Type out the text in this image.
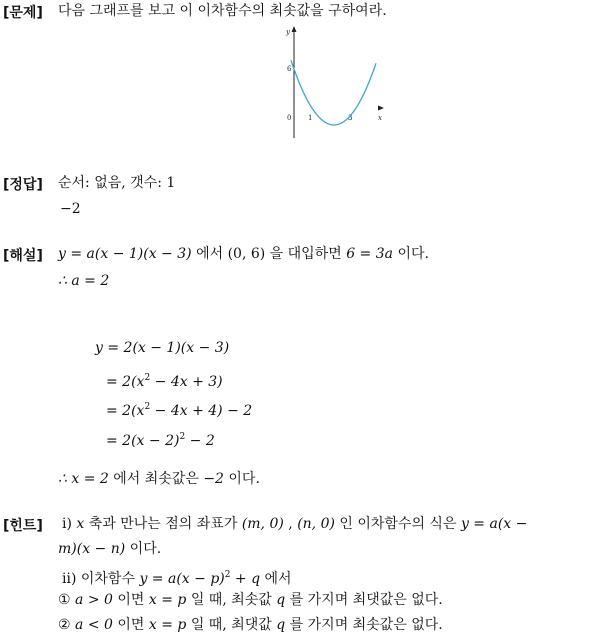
[문제] 다음 그래프를 보고 이 이차함수의 최솟값을 구하여라.
y
x
0
6
1	3
[정답] 순서: 없음, 갯수: 1
−2
[해설] y = a(x − 1)(x − 3) 에서 (0, 6) 을 대입하면 6 = 3a 이다.
∴ a = 2
y = 2(x − 1)(x − 3)
= $2(x^2 - 4x + 3)$
= $2(x^2 - 4x + 4) - 2$
= $2(x - 2)^2 - 2$
∴ x = 2 에서 최솟값은 −2 이다.
[힌트] ⅰ) x 축과 만나는 점의 좌표가 (m, 0) , (n, 0) 인 이차함수의 식은 y = a(x −
m)(x − n) 이다.
ⅱ) 이차함수 $y = a(x - p)^2 + q$ 에서
① a > 0 이면 x = p 일 때, 최솟값 q 를 가지며 최댓값은 없다.
② a < 0 이면 x = p 일 때, 최댓값 q 를 가지며 최솟값은 없다.
